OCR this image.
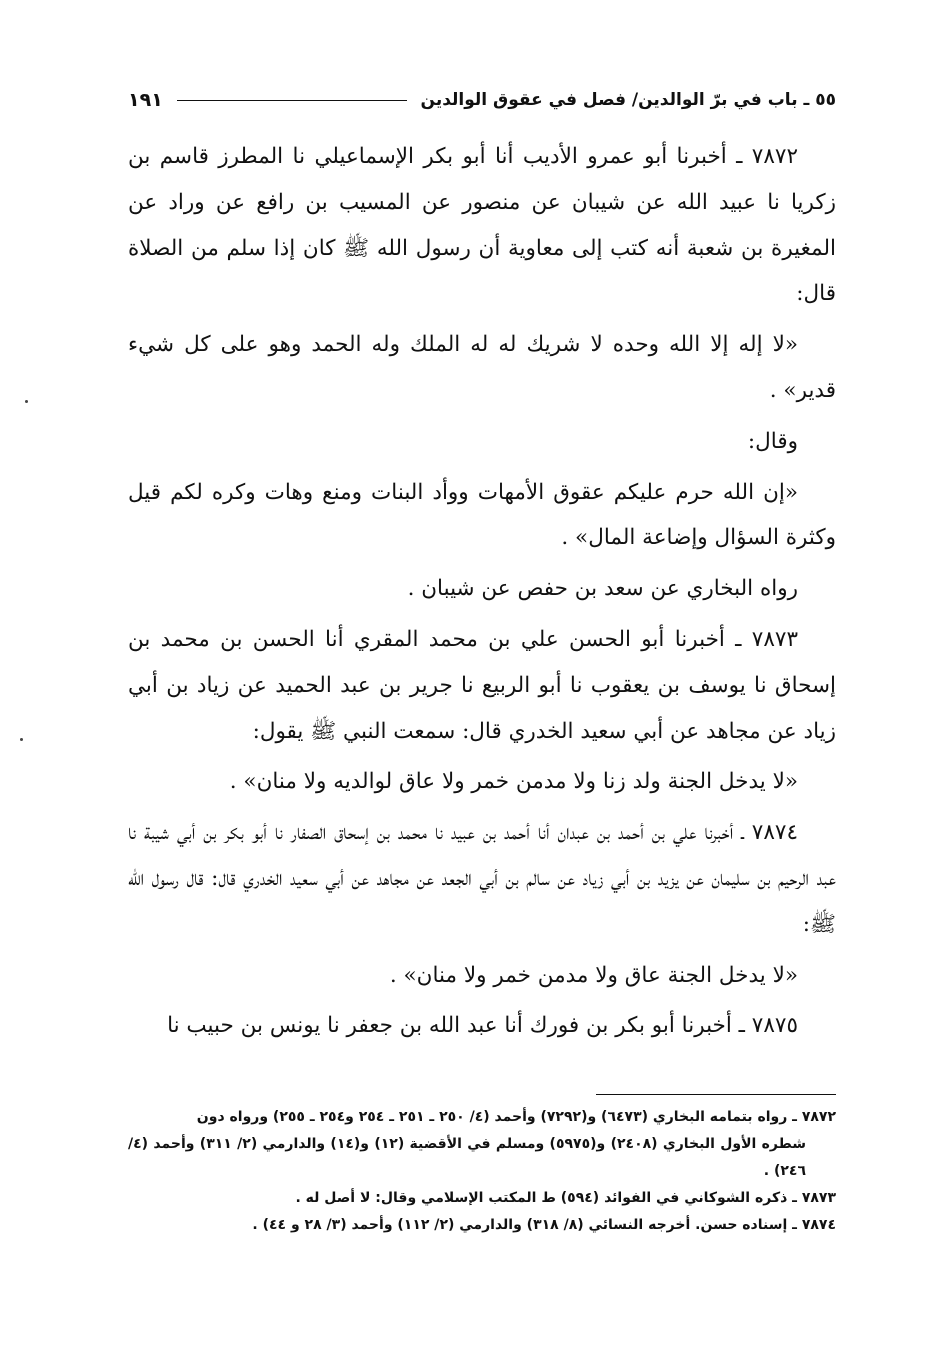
٥٥ ـ باب في برّ الوالدين/ فصل في عقوق الوالدين
١٩١

٧٨٧٢ ـ أخبرنا أبو عمرو الأديب أنا أبو بكر الإسماعيلي نا المطرز قاسم بن زكريا نا عبيد الله عن شيبان عن منصور عن المسيب بن رافع عن وراد عن المغيرة بن شعبة أنه كتب إلى معاوية أن رسول الله ﷺ كان إذا سلم من الصلاة قال:

«لا إله إلا الله وحده لا شريك له له الملك وله الحمد وهو على كل شيء قدير» .

وقال:

«إن الله حرم عليكم عقوق الأمهات ووأد البنات ومنع وهات وكره لكم قيل وكثرة السؤال وإضاعة المال» .

رواه البخاري عن سعد بن حفص عن شيبان .

٧٨٧٣ ـ أخبرنا أبو الحسن علي بن محمد المقري أنا الحسن بن محمد بن إسحاق نا يوسف بن يعقوب نا أبو الربيع نا جرير بن عبد الحميد عن زياد بن أبي زياد عن مجاهد عن أبي سعيد الخدري قال: سمعت النبي ﷺ يقول:

«لا يدخل الجنة ولد زنا ولا مدمن خمر ولا عاق لوالديه ولا منان» .

٧٨٧٤ ـ أخبرنا علي بن أحمد بن عبدان أنا أحمد بن عبيد نا محمد بن إسحاق الصفار نا أبو بكر بن أبي شيبة نا عبد الرحيم بن سليمان عن يزيد بن أبي زياد عن سالم بن أبي الجعد عن مجاهد عن أبي سعيد الخدري قال: قال رسول الله ﷺ:

«لا يدخل الجنة عاق ولا مدمن خمر ولا منان» .

٧٨٧٥ ـ أخبرنا أبو بكر بن فورك أنا عبد الله بن جعفر نا يونس بن حبيب نا

٧٨٧٢ ـ رواه بتمامه البخاري (٦٤٧٣) و(٧٢٩٢) وأحمد (٤/ ٢٥٠ ـ ٢٥١ ـ ٢٥٤ و٢٥٤ ـ ٢٥٥) ورواه دون

شطره الأول البخاري (٢٤٠٨) و(٥٩٧٥) ومسلم في الأقضية (١٢) و(١٤) والدارمي (٢/ ٣١١) وأحمد (٤/ ٢٤٦) .

٧٨٧٣ ـ ذكره الشوكاني في الفوائد (٥٩٤) ط المكتب الإسلامي وقال: لا أصل له .

٧٨٧٤ ـ إسناده حسن. أخرجه النسائي (٨/ ٣١٨) والدارمي (٢/ ١١٢) وأحمد (٣/ ٢٨ و ٤٤) .
